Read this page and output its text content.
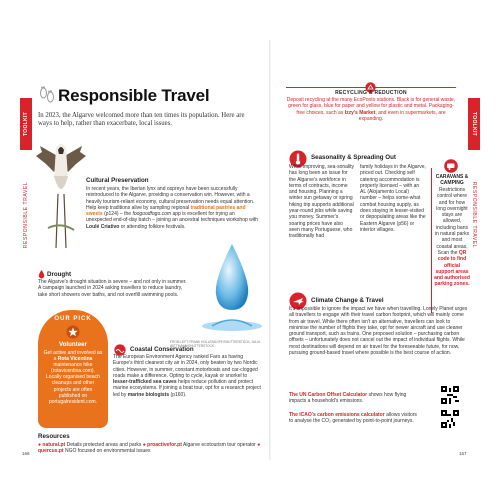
TOOLKIT
RESPONSIBLE TRAVEL
Responsible Travel
In 2023, the Algarve welcomed more than ten times its population. Here are ways to help, rather than exacerbate, local issues.
Cultural Preservation
In recent years, the Iberian lynx and ospreys have been successfully reintroduced to the Algarve, providing a conservation win. However, with a heavily tourism-reliant economy, cultural preservation needs equal attention. Help keep traditions alive by sampling regional traditional pastries and sweets (p124) – the foogoodfogo.com app is excellent for trying an unexpected end-of-day batch – joining an ancestral techniques workshop with Loulé Criativo or attending folklore festivals.
Drought
The Algarve's drought situation is severe – and not only in summer. A campaign launched in 2024 asking travellers to reduce laundry, take short showers over baths, and not overfill swimming pools.
FROM LEFT: FRANK HOLLENDOPF/SHUTTERSTOCK; JULIA WITTMANN/SHUTTERSTOCK
OUR PICK
Volunteer
Get active and involved as a Rota Vicentina maintenance hike (rotavicentina.com). Locally organised beach cleanups and other projects are often published on portugalresident.com.
Coastal Conservation
The European Environment Agency ranked Faro as having Europe's third cleanest city air in 2024, only beaten by two Nordic cities. However, in summer, constant motorboats and car-clogged roads make a difference. Opting to cycle, kayak or snorkel to lesser-trafficked sea caves helps reduce pollution and protect marine ecosystems. If joining a boat tour, opt for a research project led by marine biologists (p160).
Resources
● natural.pt Details protected areas and parks ● proactivefor.pt Algarve ecotourism tour operator ● quercus.pt NGO focused on environmental issues
166
TOOLKIT
RESPONSIBLE TRAVEL
RECYCLING & REDUCTION
Deposit recycling at the many EcoPonto stations. Black is for general waste, green for glass, blue for paper and yellow for plastic and metal. Packaging-free choices, such as Izzy's Market, and even in supermarkets, are expanding.
Seasonality & Spreading Out
While improving, sea-sonality has long been an issue for the Algarve's workforce in terms of contracts, income and housing. Planning a winter sun getaway or spring hiking trip supports additional year-round jobs while saving you money. Summer's soaring prices have also seen many Portuguese, who traditionally had
family holidays in the Algarve, priced out. Checking self catering accommodation is properly licensed – with an AL (Alojamento Local) number – helps some-what combat housing supply, as does staying in lesser-visited or depopulating areas like the Eastern Algarve (p56) or interior villages.
CARAVANS & CAMPING
Restrictions control where and for how long overnight stays are allowed, including bans in natural parks and most coastal areas. Scan the QR code to find official support areas and authorised parking zones.
Climate Change & Travel
It's impossible to ignore the impact we have when travelling. Lonely Planet urges all travellers to engage with their travel carbon footprint, which will mainly come from air travel. While there often isn't an alternative, travellers can look to minimise the number of flights they take, opt for newer aircraft and use cleaner ground transport, such as trains. One proposed solution – purchasing carbon offsets – unfortunately does not cancel out the impact of individual flights. While most destinations will depend on air travel for the foreseeable future, for now, pursuing ground-based travel where possible is the best course of action.
The UN Carbon Offset Calculator shows how flying impacts a household's emissions.
The ICAO's carbon emissions calculator allows visitors to analyse the CO₂ generated by point-to-point journeys.
167
